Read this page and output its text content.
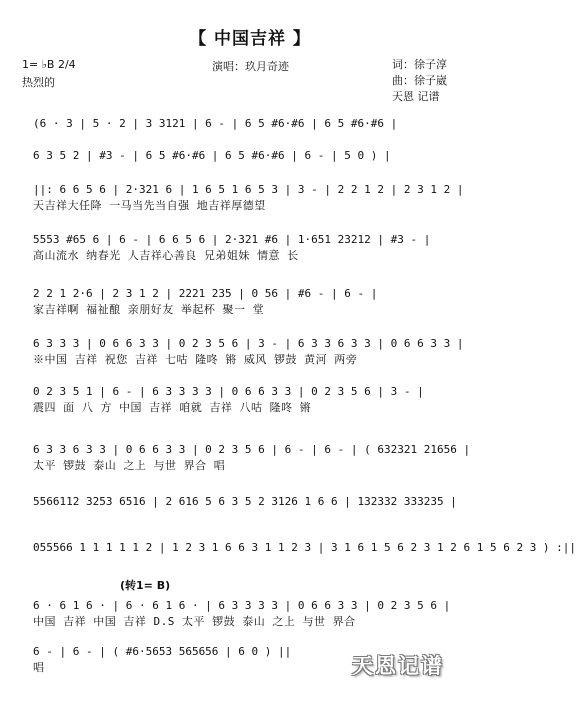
【 中国吉祥 】
1= ♭B 2/4
热烈的
演唱：玖月奇迹	词：徐子淳
曲：徐子崴
天恩 记谱
(6 · 3 | 5 · 2 | 3 3121 | 6 - | 6 5 #6·#6 | 6 5 #6·#6 |
6 3 5 2 | #3 - | 6 5 #6·#6 | 6 5 #6·#6 | 6 - | 5 0 ) |
||: 6 6 5 6 | 2·321 6 | 1 6 5 1 6 5 3 | 3 - | 2 2 1 2 | 2 3 1 2 |
天吉祥大任降 一马当先当自强 地吉祥厚德望
5553 #65 6 | 6 - | 6 6 5 6 | 2·321 #6 | 1·651 23212 | #3 - |
高山流水 纳春光 人吉祥心善良 兄弟姐妹 情意 长
2 2 1 2·6 | 2 3 1 2 | 2221 235 | 0 56 | #6 - | 6 - |
家吉祥啊 福祉酿 亲朋好友 举起杯 聚一 堂
6 3 3 3 | 0 6 6 3 3 | 0 2 3 5 6 | 3 - | 6 3 3 6 3 3 | 0 6 6 3 3 |
※中国 吉祥 祝您 吉祥 七咕 隆咚 锵 威风 锣鼓 黄河 两旁
0 2 3 5 1 | 6 - | 6 3 3 3 3 | 0 6 6 3 3 | 0 2 3 5 6 | 3 - |
震四 面 八 方 中国 吉祥 咱就 吉祥 八咕 隆咚 锵
6 3 3 6 3 3 | 0 6 6 3 3 | 0 2 3 5 6 | 6 - | 6 - | ( 632321 21656 |
太平 锣鼓 泰山 之上 与世 界合 唱
5566112 3253 6516 | 2 616 5 6 3 5 2 3126 1 6 6 | 132332 333235 |
055566 1 1 1 1 1 2 | 1 2 3 1 6 6 3 1 1 2 3 | 3 1 6 1 5 6 2 3 1 2 6 1 5 6 2 3 ) :||
(转1= B)
6 · 6 1 6 · | 6 · 6 1 6 · | 6 3 3 3 3 | 0 6 6 3 3 | 0 2 3 5 6 |
中国 吉祥 中国 吉祥 D.S 太平 锣鼓 泰山 之上 与世 界合
6 - | 6 - | ( #6·5653 565656 | 6 0 ) ||
唱	天恩记谱
